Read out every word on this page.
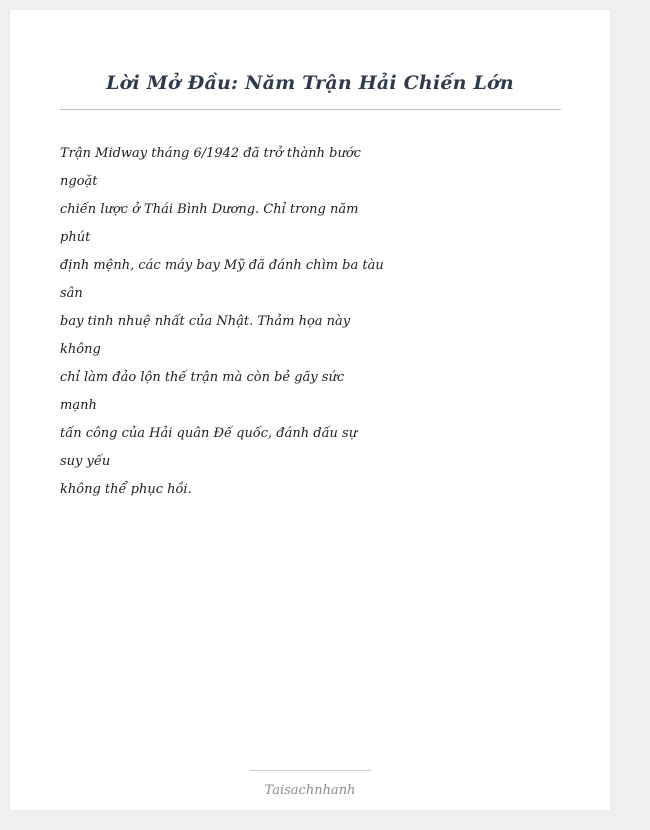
Lời Mở Đầu: Năm Trận Hải Chiến Lớn
Trận Midway tháng 6/1942 đã trở thành bước
ngoặt
chiến lược ở Thái Bình Dương. Chỉ trong năm
phút
định mệnh, các máy bay Mỹ đã đánh chìm ba tàu
sân
bay tinh nhuệ nhất của Nhật. Thảm họa này
không
chỉ làm đảo lộn thế trận mà còn bẻ gãy sức
mạnh
tấn công của Hải quân Đế quốc, đánh dấu sự
suy yếu
không thể phục hồi.
Taisachnhanh
